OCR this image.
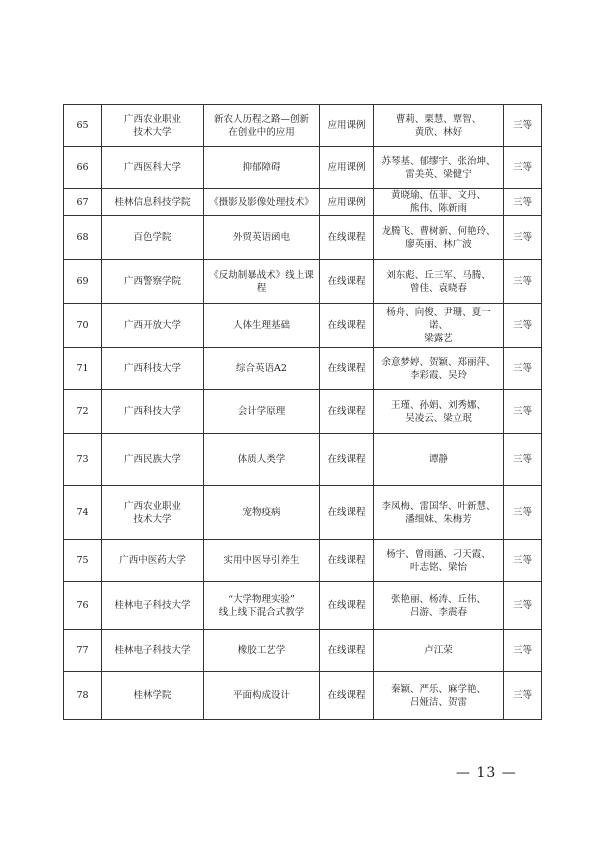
65	广西农业职业
技术大学	新农人历程之路—创新
在创业中的应用	应用课例	曹莉、栗慧、覃智、
黄欣、林好	三等
66	广西医科大学	抑郁障碍	应用课例	苏琴基、郁缪宇、张治坤、
雷美英、梁健宁	三等
67	桂林信息科技学院	《摄影及影像处理技术》	应用课例	黄晓瑜、伍菲、文丹、
熊伟、陈新雨	三等
68	百色学院	外贸英语函电	在线课程	龙腾飞、曹树新、何艳玲、
廖英丽、林广波	三等
69	广西警察学院	《反劫制暴战术》线上课程	在线课程	刘东彪、丘三军、马腾、
曾佳、袁晓春	三等
70	广西开放大学	人体生理基础	在线课程	杨舟、向俊、尹珊、夏一诺、
梁露艺	三等
71	广西科技大学	综合英语A2	在线课程	余意梦婷、贺颖、郑丽萍、
李彩霞、吴玲	三等
72	广西科技大学	会计学原理	在线课程	王瑾、孙娟、刘秀娜、
吴凌云、梁立珉	三等
73	广西民族大学	体质人类学	在线课程	谭静	三等
74	广西农业职业
技术大学	宠物疫病	在线课程	李凤梅、雷国华、叶新慧、
潘细妹、朱梅芳	三等
75	广西中医药大学	实用中医导引养生	在线课程	杨宇、曾雨涵、刁天霞、
叶志铭、梁怡	三等
76	桂林电子科技大学	“大学物理实验”
线上线下混合式教学	在线课程	张艳丽、杨涛、丘伟、
吕游、李震春	三等
77	桂林电子科技大学	橡胶工艺学	在线课程	卢江荣	三等
78	桂林学院	平面构成设计	在线课程	秦颖、严乐、麻学艳、
吕娅洁、贺雷	三等
— 13 —
